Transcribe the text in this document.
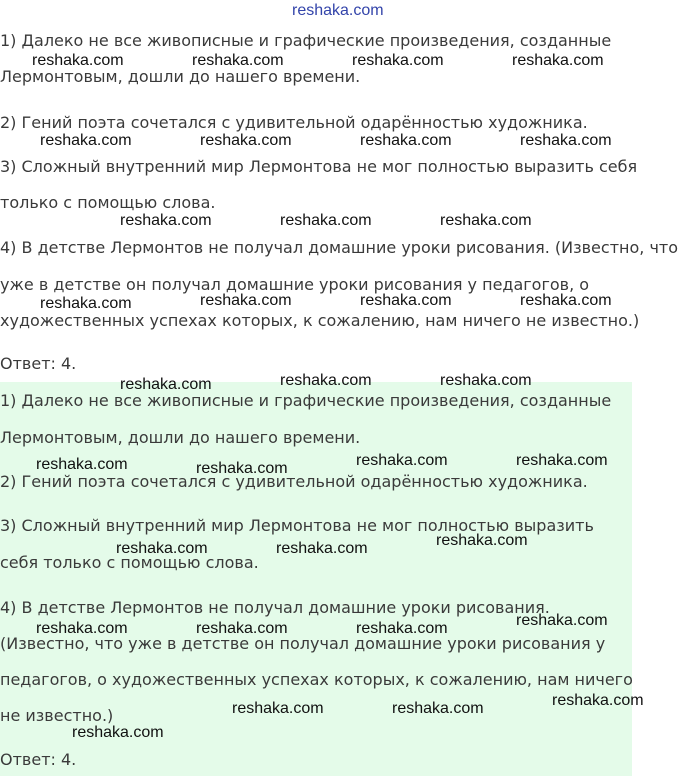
reshaka.com

1) Далеко не все живописные и графические произведения, созданные

Лермонтовым, дошли до нашего времени.

2) Гений поэта сочетался с удивительной одарённостью художника.

3) Сложный внутренний мир Лермонтова не мог полностью выразить себя

только с помощью слова.

4) В детстве Лермонтов не получал домашние уроки рисования. (Известно, что

уже в детстве он получал домашние уроки рисования у педагогов, о

художественных успехах которых, к сожалению, нам ничего не известно.)

Ответ: 4.

1) Далеко не все живописные и графические произведения, созданные

Лермонтовым, дошли до нашего времени.

2) Гений поэта сочетался с удивительной одарённостью художника.

3) Сложный внутренний мир Лермонтова не мог полностью выразить

себя только с помощью слова.

4) В детстве Лермонтов не получал домашние уроки рисования.

(Известно, что уже в детстве он получал домашние уроки рисования у

педагогов, о художественных успехах которых, к сожалению, нам ничего

не известно.)

Ответ: 4.

reshaka.com	reshaka.com	reshaka.com	reshaka.com
reshaka.com	reshaka.com	reshaka.com	reshaka.com
reshaka.com	reshaka.com	reshaka.com
reshaka.com	reshaka.com	reshaka.com	reshaka.com
reshaka.com	reshaka.com	reshaka.com
reshaka.com	reshaka.com	reshaka.com	reshaka.com
reshaka.com	reshaka.com	reshaka.com
reshaka.com	reshaka.com	reshaka.com	reshaka.com
reshaka.com	reshaka.com	reshaka.com
reshaka.com
